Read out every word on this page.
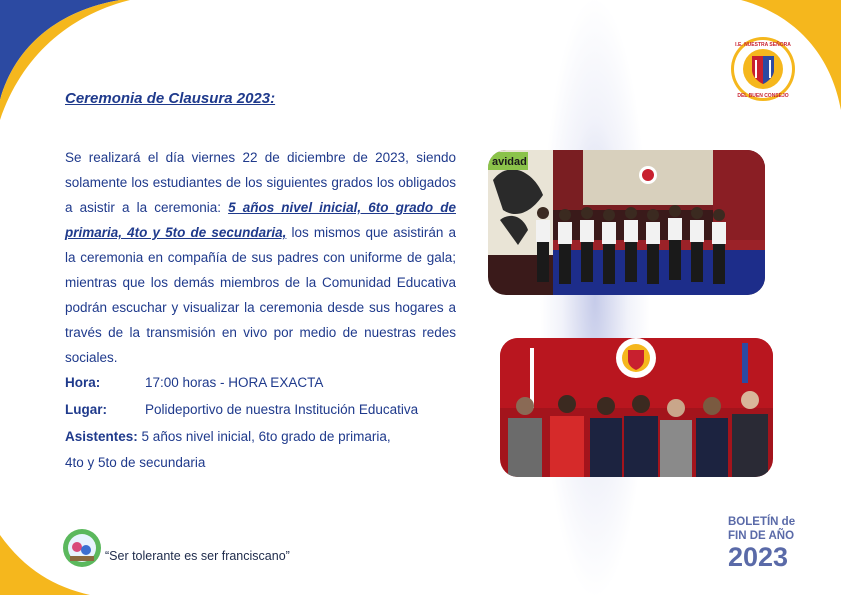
I.E. NUESTRA SEÑORA
DEL BUEN CONSEJO
Ceremonia de Clausura 2023:
Se realizará el día viernes 22 de diciembre de 2023, siendo solamente los estudiantes de los siguientes grados los obligados a asistir a la ceremonia: 5 años nivel inicial, 6to grado de primaria, 4to y 5to de secundaria, los mismos que asistirán a la ceremonia en compañía de sus padres con uniforme de gala; mientras que los demás miembros de la Comunidad Educativa podrán escuchar y visualizar la ceremonia desde sus hogares a través de la transmisión en vivo por medio de nuestras redes sociales.
Hora:	17:00 horas - HORA EXACTA
Lugar:	Polideportivo de nuestra Institución Educativa
Asistentes: 5 años nivel inicial, 6to grado de primaria,
4to y 5to de secundaria
avidad
“Ser tolerante es ser franciscano”
BOLETÍN de
FIN DE AÑO
2023
